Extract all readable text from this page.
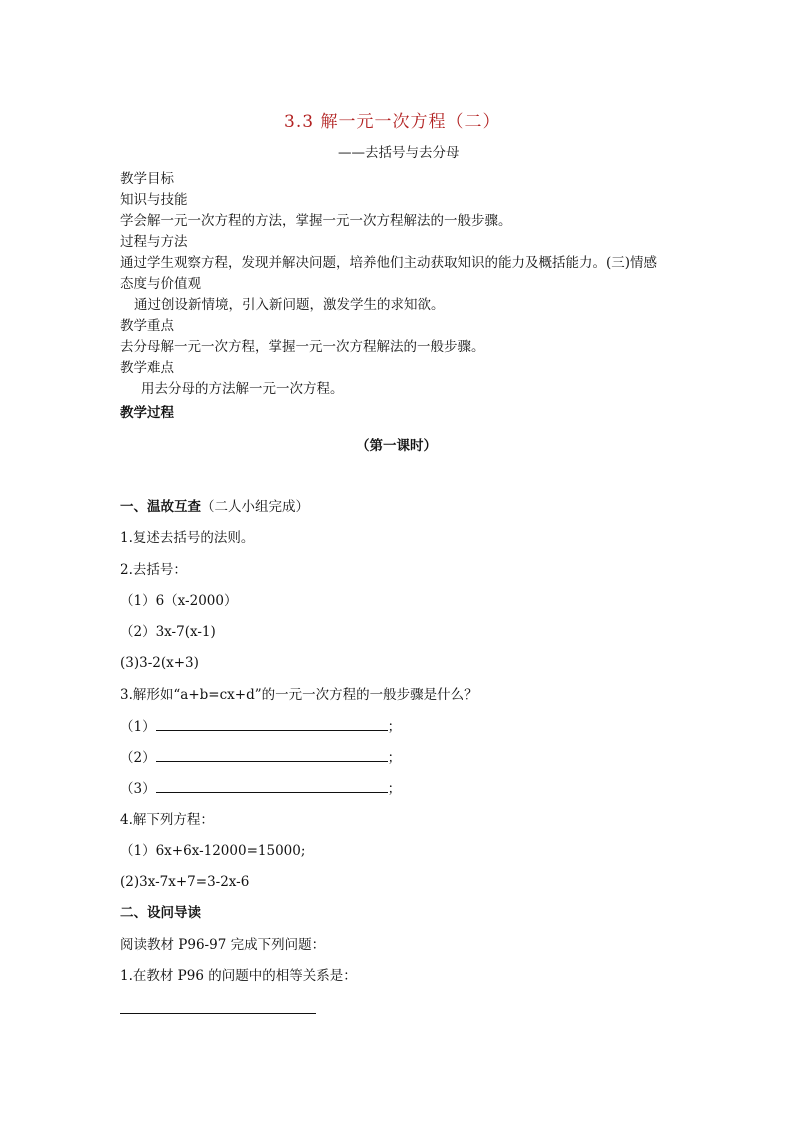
3.3 解一元一次方程（二）
——去括号与去分母
教学目标
知识与技能
学会解一元一次方程的方法，掌握一元一次方程解法的一般步骤。
过程与方法
通过学生观察方程，发现并解决问题，培养他们主动获取知识的能力及概括能力。(三)情感
态度与价值观
通过创设新情境，引入新问题，激发学生的求知欲。
教学重点
去分母解一元一次方程，掌握一元一次方程解法的一般步骤。
教学难点
用去分母的方法解一元一次方程。
教学过程
（第一课时）
一、温故互查（二人小组完成）
1.复述去括号的法则。
2.去括号：
（1）6（x-2000）
（2）3x-7(x-1)
(3)3-2(x+3)
3.解形如“a+b=cx+d”的一元一次方程的一般步骤是什么？
（1）	；
（2）	；
（3）	；
4.解下列方程：
（1）6x+6x-12000=15000;
(2)3x-7x+7=3-2x-6
二、设问导读
阅读教材 P96-97 完成下列问题：
1.在教材 P96 的问题中的相等关系是：
